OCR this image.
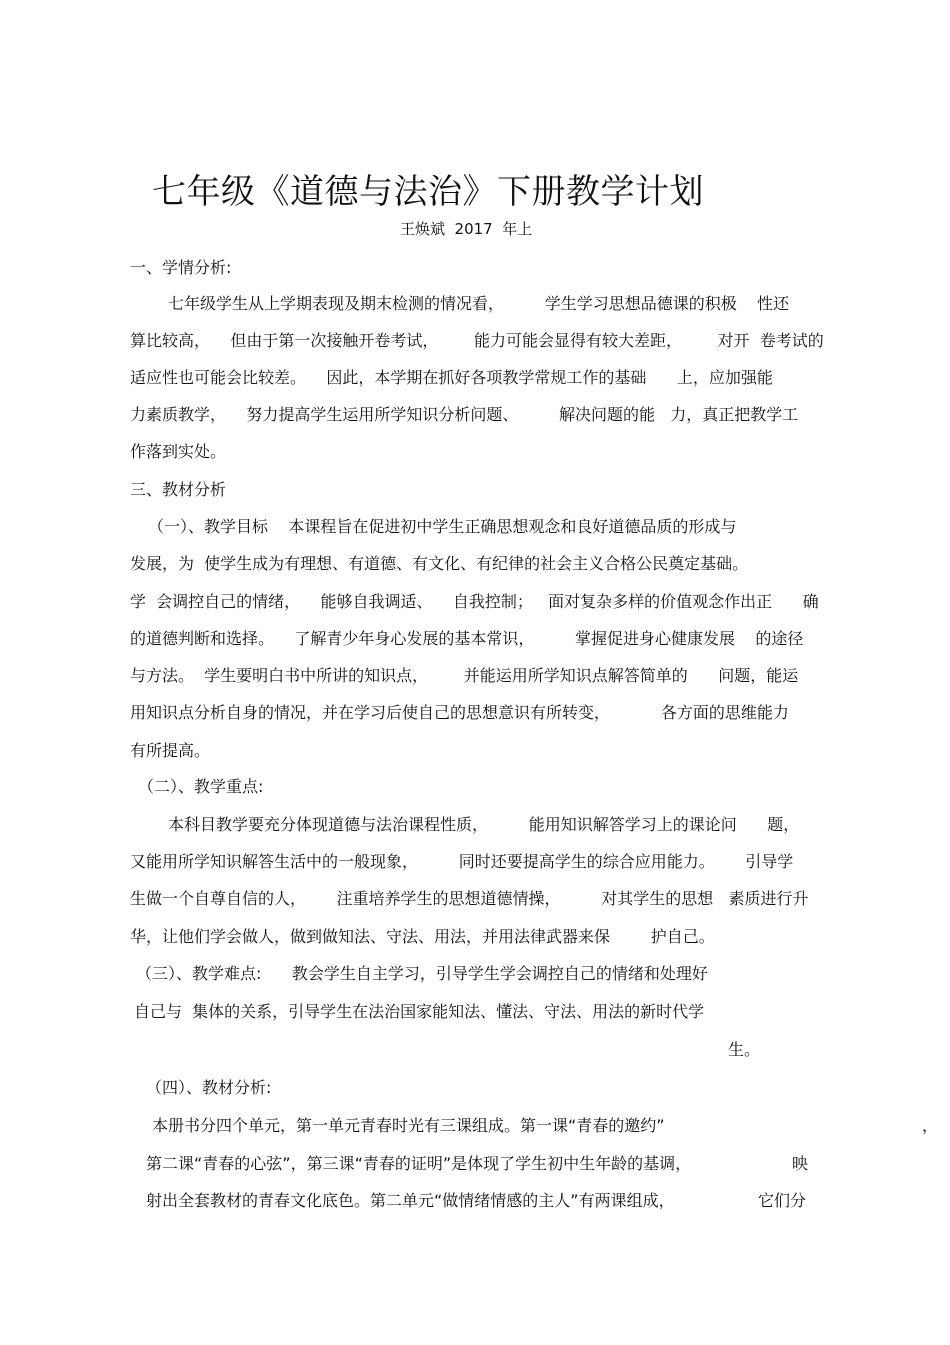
七年级《道德与法治》下册教学计划
王焕斌  2017  年上
一、学情分析:
七年级学生从上学期表现及期末检测的情况看，        学生学习思想品德课的积极    性还
算比较高，    但由于第一次接触开卷考试，       能力可能会显得有较大差距，       对开  卷考试的
适应性也可能会比较差。    因此，本学期在抓好各项教学常规工作的基础      上，应加强能
力素质教学，    努力提高学生运用所学知识分析问题、        解决问题的能   力，真正把教学工
作落到实处。
三、教材分析
（一）、教学目标    本课程旨在促进初中学生正确思想观念和良好道德品质的形成与
发展，为  使学生成为有理想、有道德、有文化、有纪律的社会主义合格公民奠定基础。
学  会调控自己的情绪，    能够自我调适、    自我控制；   面对复杂多样的价值观念作出正      确
的道德判断和选择。    了解青少年身心发展的基本常识，        掌握促进身心健康发展    的途径
与方法。  学生要明白书中所讲的知识点，       并能运用所学知识点解答简单的      问题，能运
用知识点分析自身的情况，并在学习后使自己的思想意识有所转变，          各方面的思维能力
有所提高。
（二）、教学重点:
本科目教学要充分体现道德与法治课程性质，        能用知识解答学习上的课论问      题，
又能用所学知识解答生活中的一般现象，        同时还要提高学生的综合应用能力。      引导学
生做一个自尊自信的人，      注重培养学生的思想道德情操，        对其学生的思想   素质进行升
华，让他们学会做人，做到做知法、守法、用法，并用法律武器来保        护自己。
（三）、教学难点:      教会学生自主学习，引导学生学会调控自己的情绪和处理好
自己与  集体的关系，引导学生在法治国家能知法、懂法、守法、用法的新时代学
生。
（四）、教材分析:
本册书分四个单元，第一单元青春时光有三课组成。第一课“青春的邀约”	，
第二课“青春的心弦”，第三课“青春的证明”是体现了学生初中生年龄的基调，	映
射出全套教材的青春文化底色。第二单元“做情绪情感的主人”有两课组成，	它们分
